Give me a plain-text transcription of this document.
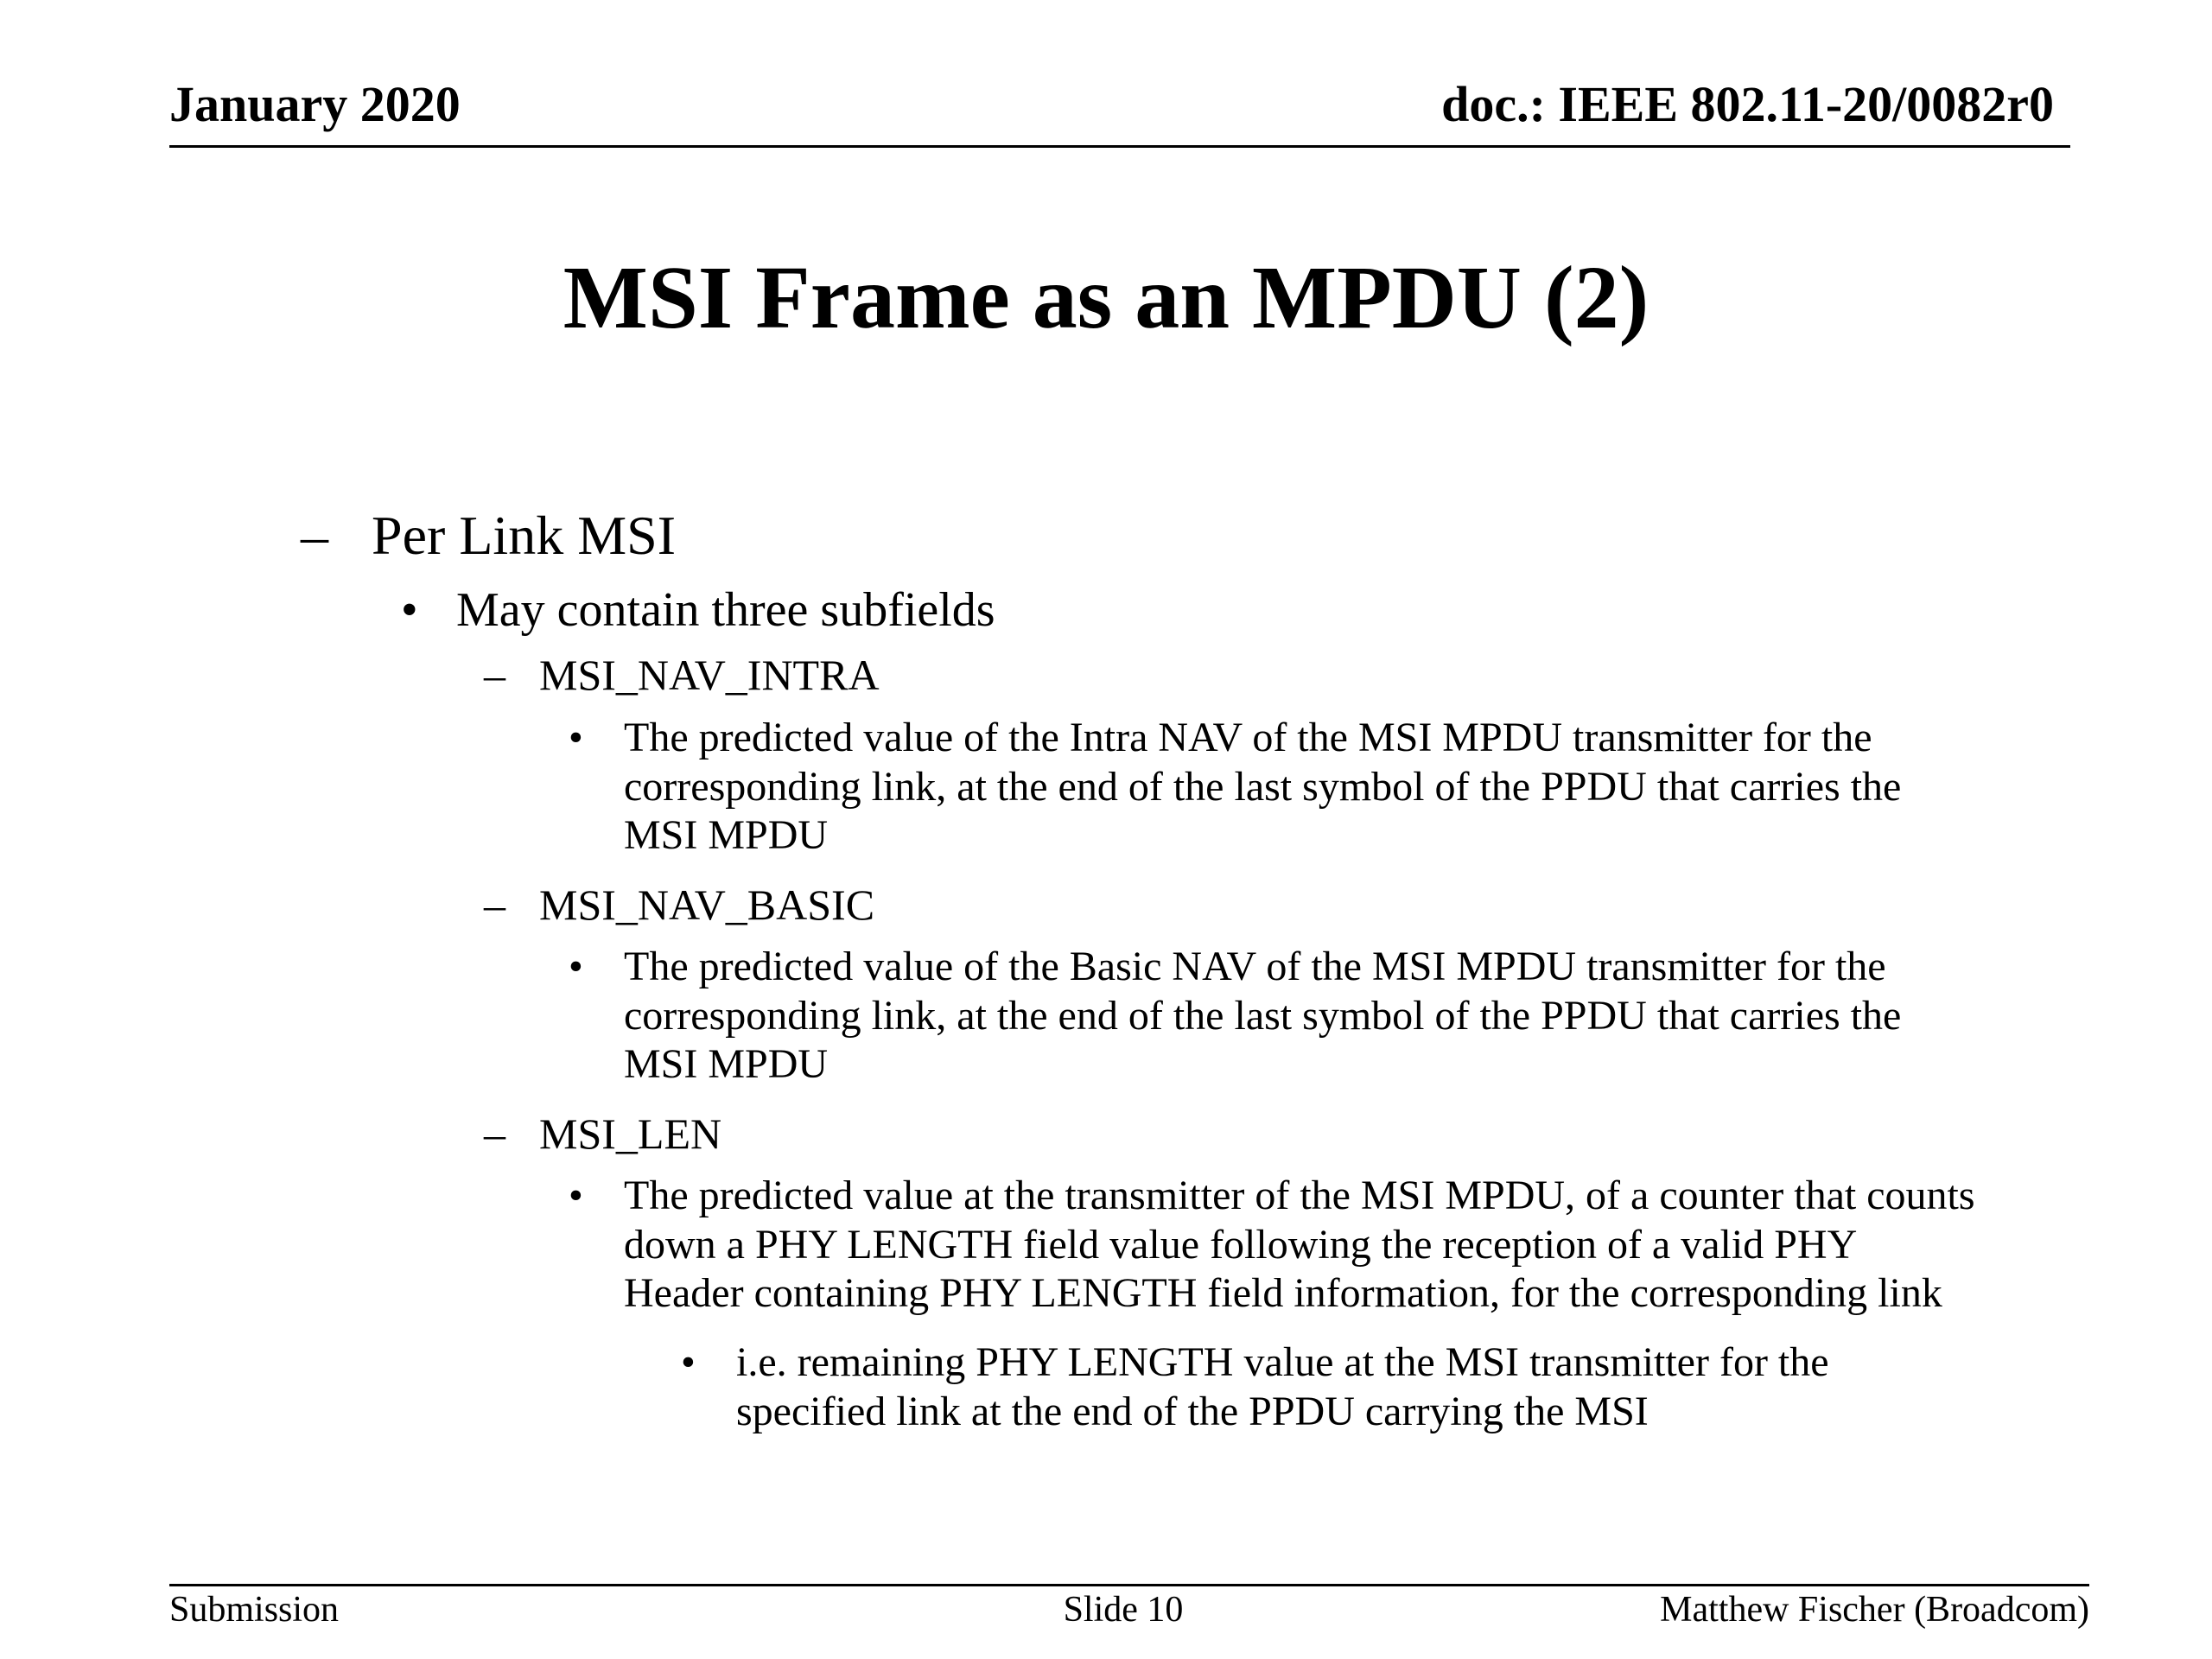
January 2020	doc.: IEEE 802.11-20/0082r0
MSI Frame as an MPDU (2)
– Per Link MSI
• May contain three subfields
– MSI_NAV_INTRA
• The predicted value of the Intra NAV of the MSI MPDU transmitter for the
corresponding link, at the end of the last symbol of the PPDU that carries the
MSI MPDU
– MSI_NAV_BASIC
• The predicted value of the Basic NAV of the MSI MPDU transmitter for the
corresponding link, at the end of the last symbol of the PPDU that carries the
MSI MPDU
– MSI_LEN
• The predicted value at the transmitter of the MSI MPDU, of a counter that counts
down a PHY LENGTH field value following the reception of a valid PHY
Header containing PHY LENGTH field information, for the corresponding link
• i.e. remaining PHY LENGTH value at the MSI transmitter for the
specified link at the end of the PPDU carrying the MSI
Submission	Slide 10	Matthew Fischer (Broadcom)
